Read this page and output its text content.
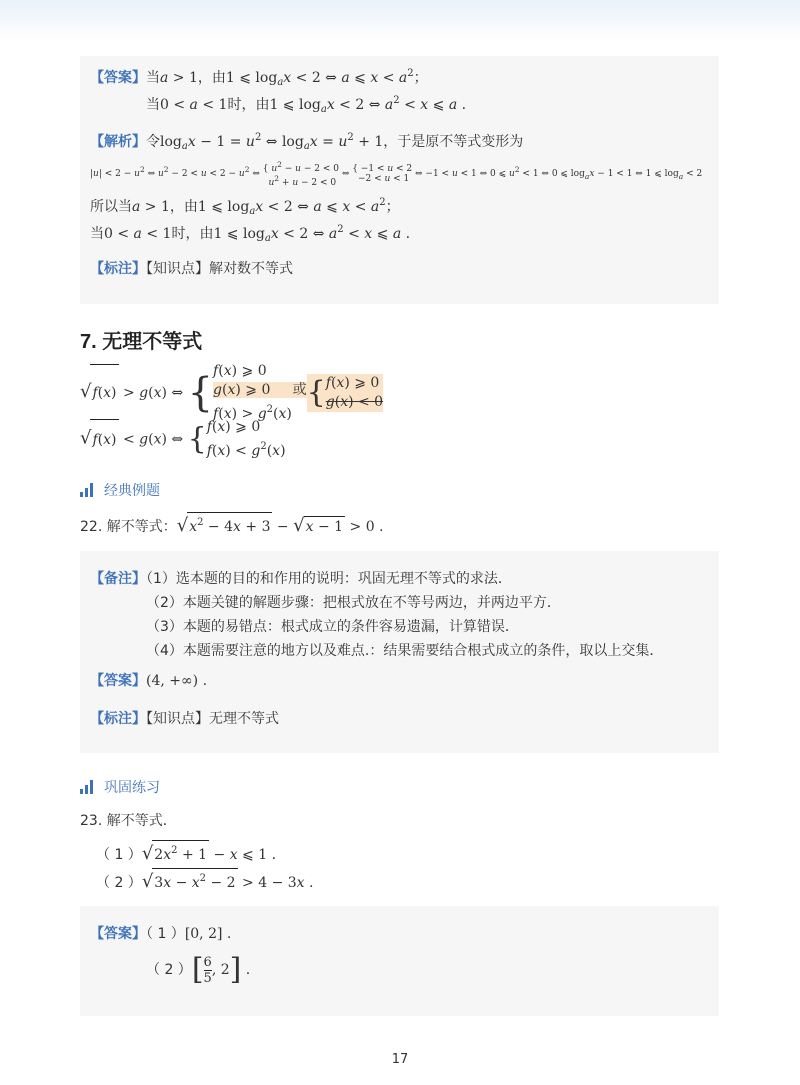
【答案】当a > 1，由1 ⩽ $\log_ax < 2$ ⇔ a ⩽ $x < a^2$；
当0 < a < 1时，由1 ⩽ $\log_ax < 2$ ⇔ $a^2 < x$ ⩽ a .
【解析】令$\log_ax - 1 = u^2$ ⇔ $\log_ax = u^2 + 1$，于是原不等式变形为
$|u| < 2 - u^2$ ⇔ $u^2 - 2 < u < 2 - u^2$ ⇔ { $u^2 - u - 2 < 0$
$u^2 + u - 2 < 0$ ⇔ { −1 < u < 2
−2 < u < 1 ⇔ −1 < u < 1 ⇔ 0 ⩽ $u^2 < 1$ ⇔ 0 ⩽ $\log_ax - 1 < 1$ ⇔ 1 ⩽ $\log_a < 2$
所以当a > 1，由1 ⩽ $\log_ax < 2$ ⇔ a ⩽ $x < a^2$；
当0 < a < 1时，由1 ⩽ $\log_ax < 2$ ⇔ $a^2 < x$ ⩽ a .
【标注】【知识点】解对数不等式
7. 无理不等式
√f(x) > g(x) ⇔ {f(x) ⩾ 0
g(x) ⩾ 0     或
$f(x) > g^2(x)\{f(x)$ ⩾ 0
g(x) < 0
√f(x) < g(x) ⇔ {f(x) ⩾ 0
$f(x) < g^2(x)$
经典例题
22. 解不等式：$√x^2 - 4x + 3 - √x - 1 > 0$ .
【备注】（1）选本题的目的和作用的说明：巩固无理不等式的求法．
（2）本题关键的解题步骤：把根式放在不等号两边，并两边平方．
（3）本题的易错点：根式成立的条件容易遗漏，计算错误．
（4）本题需要注意的地方以及难点.：结果需要结合根式成立的条件，取以上交集．
【答案】(4, +∞) .
【标注】【知识点】无理不等式
巩固练习
23. 解不等式．
（ 1 ）$√2x^2 + 1 - x$ ⩽ 1 .
（ 2 ）$√3x - x^2 - 2 > 4 - 3x$ .
【答案】（ 1 ）[0, 2] .
（ 2 ）[ $\frac{6}{5}$ , 2] .
17
